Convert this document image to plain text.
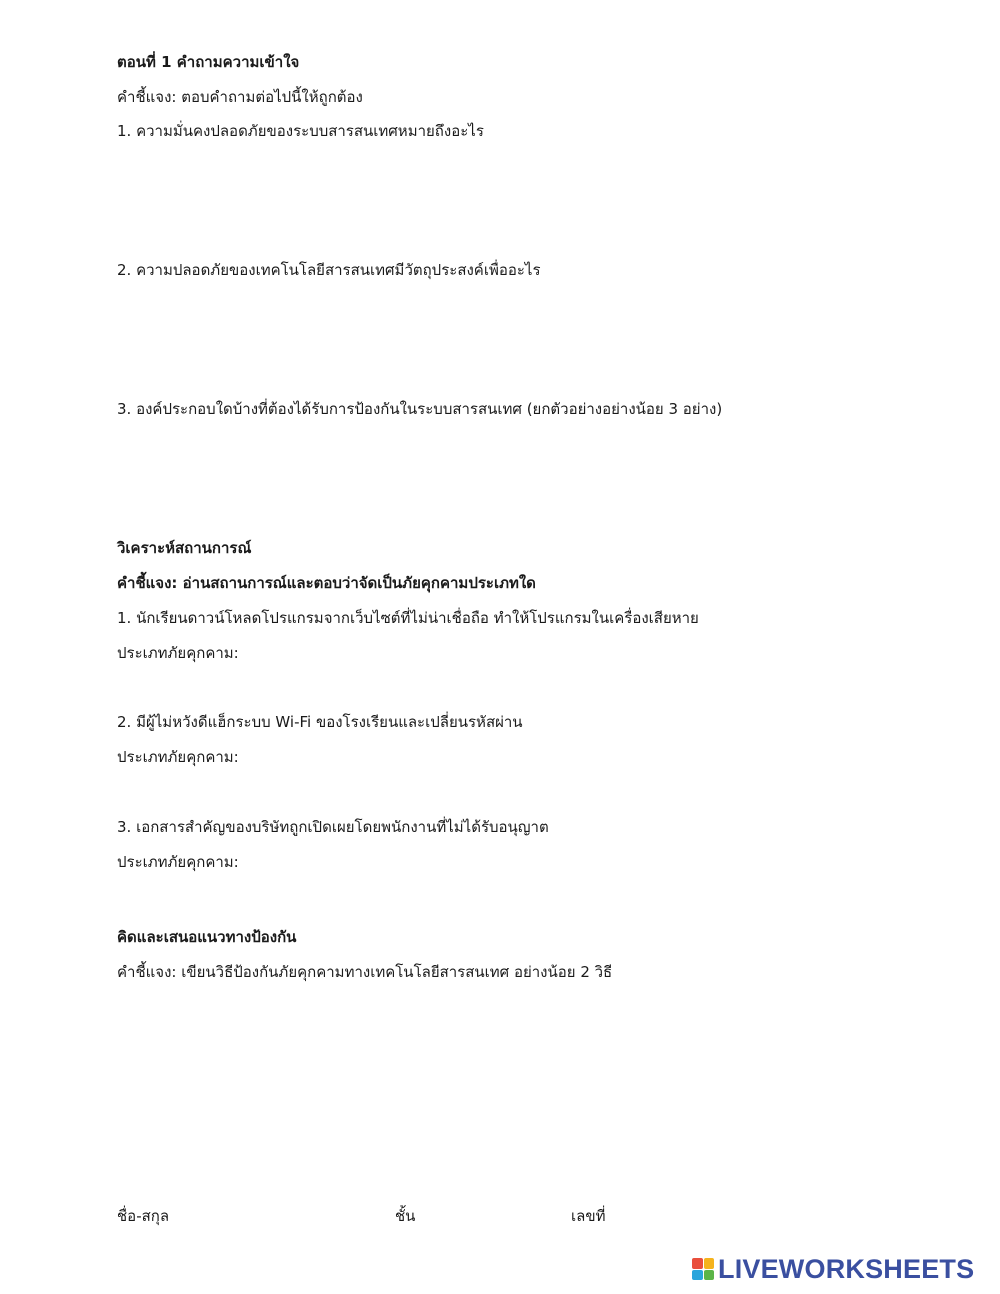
ตอนที่ 1 คำถามความเข้าใจ
คำชี้แจง: ตอบคำถามต่อไปนี้ให้ถูกต้อง
1. ความมั่นคงปลอดภัยของระบบสารสนเทศหมายถึงอะไร
2. ความปลอดภัยของเทคโนโลยีสารสนเทศมีวัตถุประสงค์เพื่ออะไร
3. องค์ประกอบใดบ้างที่ต้องได้รับการป้องกันในระบบสารสนเทศ (ยกตัวอย่างอย่างน้อย 3 อย่าง)
วิเคราะห์สถานการณ์
คำชี้แจง: อ่านสถานการณ์และตอบว่าจัดเป็นภัยคุกคามประเภทใด
1. นักเรียนดาวน์โหลดโปรแกรมจากเว็บไซต์ที่ไม่น่าเชื่อถือ ทำให้โปรแกรมในเครื่องเสียหาย
ประเภทภัยคุกคาม:
2. มีผู้ไม่หวังดีแฮ็กระบบ Wi-Fi ของโรงเรียนและเปลี่ยนรหัสผ่าน
ประเภทภัยคุกคาม:
3. เอกสารสำคัญของบริษัทถูกเปิดเผยโดยพนักงานที่ไม่ได้รับอนุญาต
ประเภทภัยคุกคาม:
คิดและเสนอแนวทางป้องกัน
คำชี้แจง: เขียนวิธีป้องกันภัยคุกคามทางเทคโนโลยีสารสนเทศ อย่างน้อย 2 วิธี
ชื่อ-สกุล	ชั้น	เลขที่
LIVEWORKSHEETS
